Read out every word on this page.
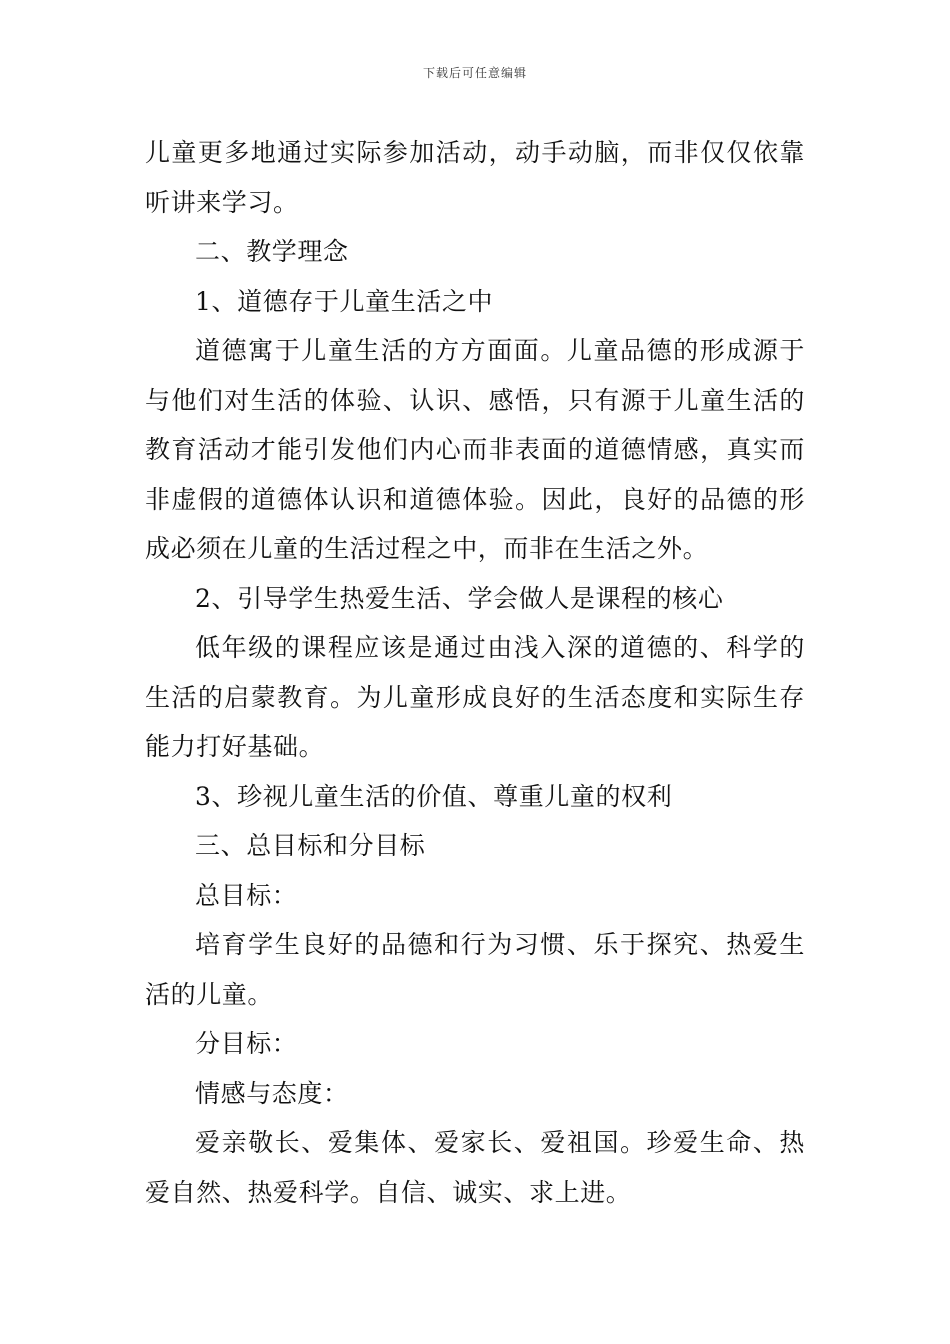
下载后可任意编辑

儿童更多地通过实际参加活动，动手动脑，而非仅仅依靠听讲来学习。

二、教学理念

1、道德存于儿童生活之中

道德寓于儿童生活的方方面面。儿童品德的形成源于与他们对生活的体验、认识、感悟，只有源于儿童生活的教育活动才能引发他们内心而非表面的道德情感，真实而非虚假的道德体认识和道德体验。因此，良好的品德的形成必须在儿童的生活过程之中，而非在生活之外。

2、引导学生热爱生活、学会做人是课程的核心

低年级的课程应该是通过由浅入深的道德的、科学的生活的启蒙教育。为儿童形成良好的生活态度和实际生存能力打好基础。

3、珍视儿童生活的价值、尊重儿童的权利

三、总目标和分目标

总目标：

培育学生良好的品德和行为习惯、乐于探究、热爱生活的儿童。

分目标：

情感与态度：

爱亲敬长、爱集体、爱家长、爱祖国。珍爱生命、热爱自然、热爱科学。自信、诚实、求上进。
